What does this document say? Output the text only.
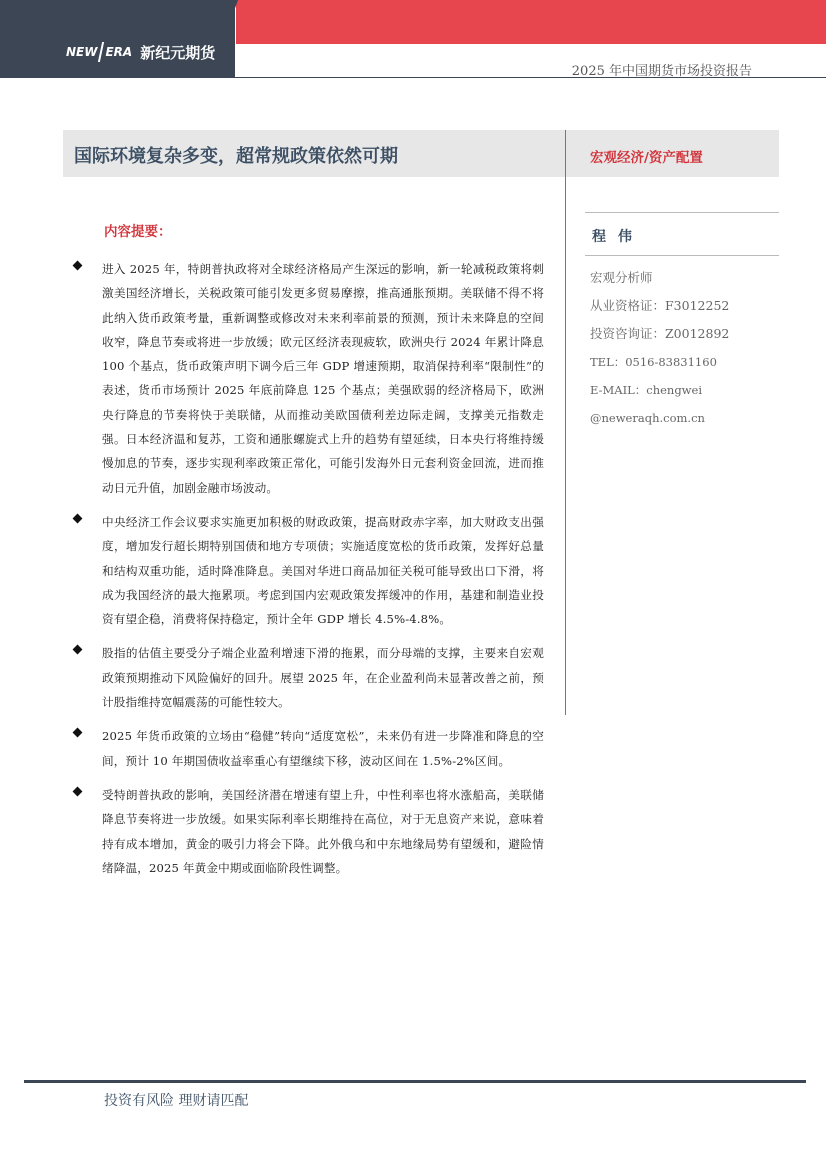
NEW ERA 新纪元期货
2025 年中国期货市场投资报告
国际环境复杂多变，超常规政策依然可期	宏观经济/资产配置
内容提要：
进入 2025 年，特朗普执政将对全球经济格局产生深远的影响，新一轮减税政策将刺激美国经济增长，关税政策可能引发更多贸易摩擦，推高通胀预期。美联储不得不将此纳入货币政策考量，重新调整或修改对未来利率前景的预测，预计未来降息的空间收窄，降息节奏或将进一步放缓；欧元区经济表现疲软，欧洲央行 2024 年累计降息 100 个基点，货币政策声明下调今后三年 GDP 增速预期，取消保持利率“限制性”的表述，货币市场预计 2025 年底前降息 125 个基点；美强欧弱的经济格局下，欧洲央行降息的节奏将快于美联储，从而推动美欧国债利差边际走阔，支撑美元指数走强。日本经济温和复苏，工资和通胀螺旋式上升的趋势有望延续，日本央行将维持缓慢加息的节奏，逐步实现利率政策正常化，可能引发海外日元套利资金回流，进而推动日元升值，加剧金融市场波动。
中央经济工作会议要求实施更加积极的财政政策，提高财政赤字率，加大财政支出强度，增加发行超长期特别国债和地方专项债；实施适度宽松的货币政策，发挥好总量和结构双重功能，适时降准降息。美国对华进口商品加征关税可能导致出口下滑，将成为我国经济的最大拖累项。考虑到国内宏观政策发挥缓冲的作用，基建和制造业投资有望企稳，消费将保持稳定，预计全年 GDP 增长 4.5%-4.8%。
股指的估值主要受分子端企业盈利增速下滑的拖累，而分母端的支撑，主要来自宏观政策预期推动下风险偏好的回升。展望 2025 年，在企业盈利尚未显著改善之前，预计股指维持宽幅震荡的可能性较大。
2025 年货币政策的立场由“稳健”转向“适度宽松”，未来仍有进一步降准和降息的空间，预计 10 年期国债收益率重心有望继续下移，波动区间在 1.5%-2%区间。
受特朗普执政的影响，美国经济潜在增速有望上升，中性利率也将水涨船高，美联储降息节奏将进一步放缓。如果实际利率长期维持在高位，对于无息资产来说，意味着持有成本增加，黄金的吸引力将会下降。此外俄乌和中东地缘局势有望缓和，避险情绪降温，2025 年黄金中期或面临阶段性调整。
程伟
宏观分析师
从业资格证：F3012252
投资咨询证：Z0012892
TEL：0516-83831160
E-MAIL：chengwei
@neweraqh.com.cn
投资有风险 理财请匹配
